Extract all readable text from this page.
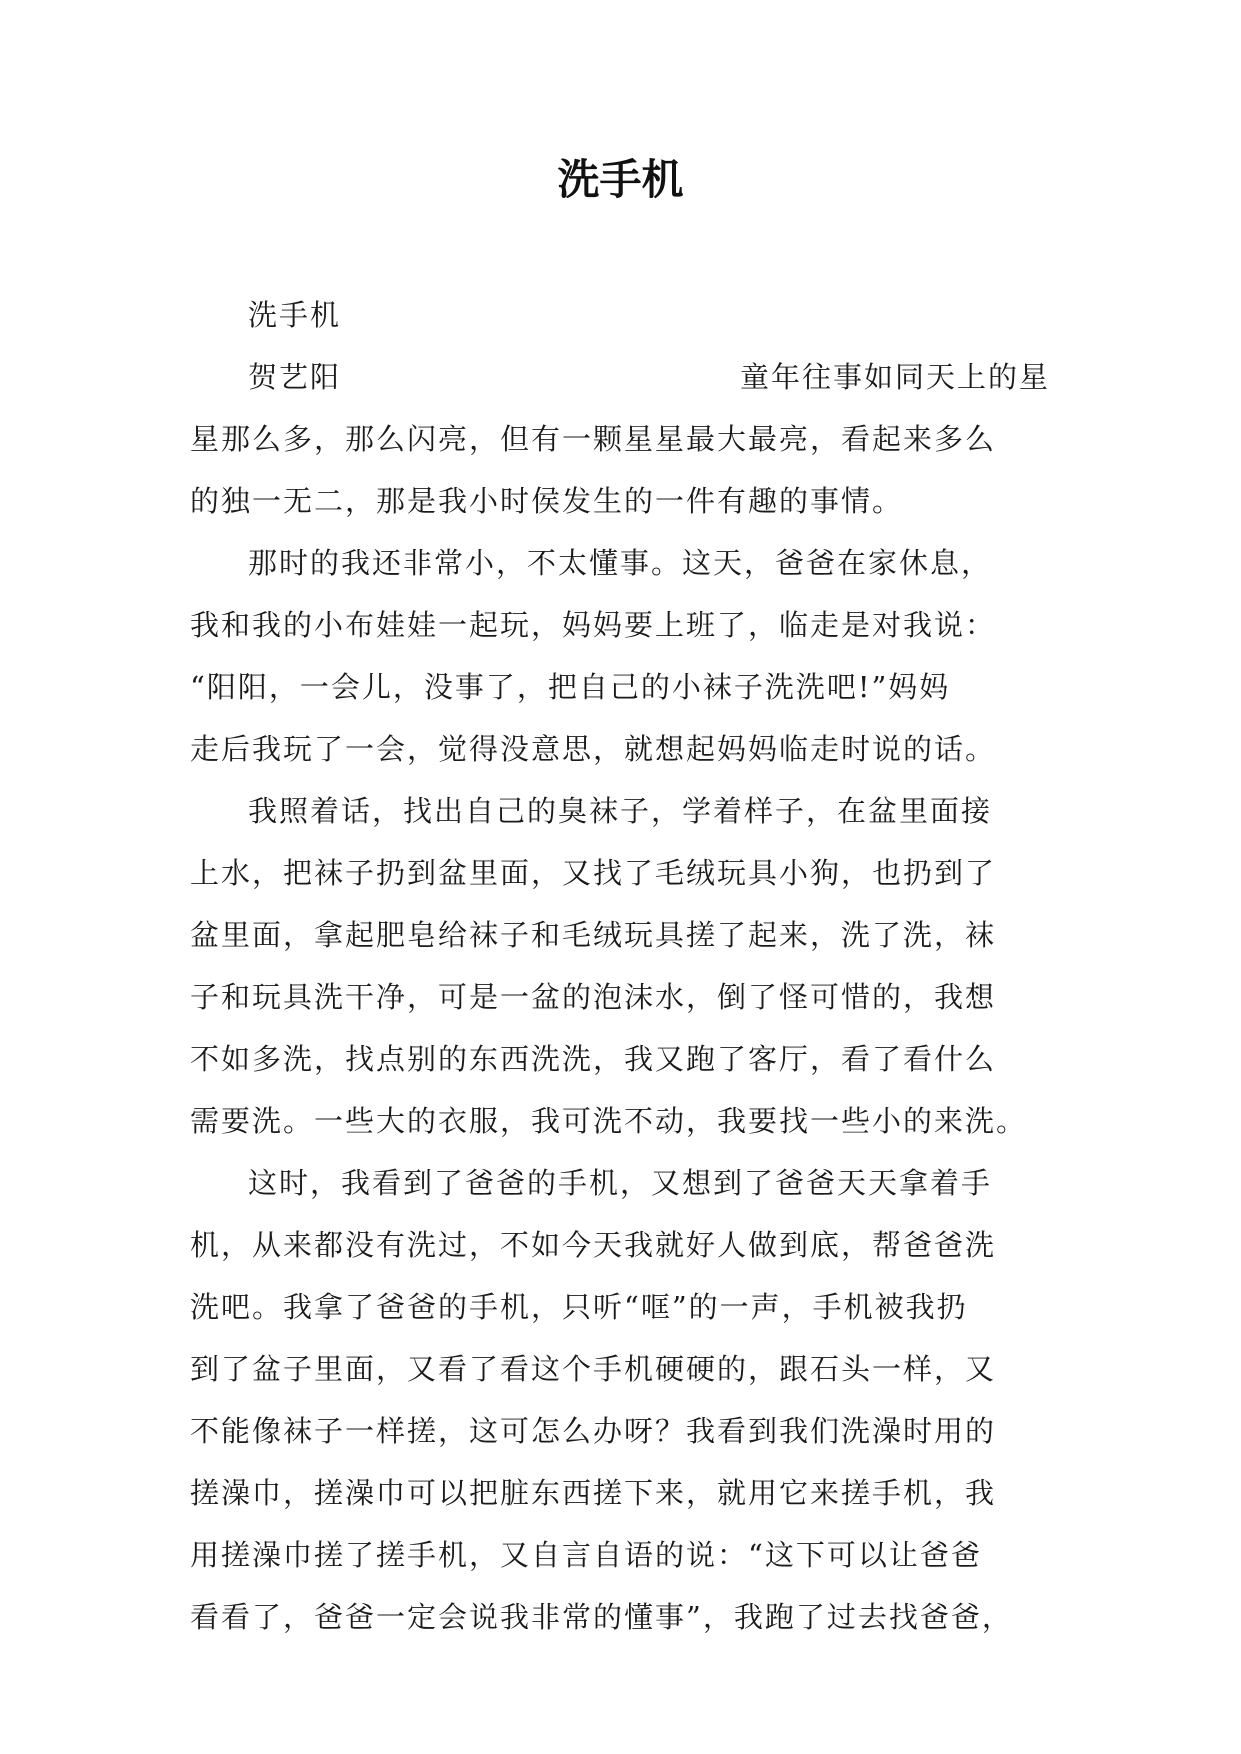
洗手机

洗手机

贺艺阳	童年往事如同天上的星
星那么多，那么闪亮，但有一颗星星最大最亮，看起来多么
的独一无二，那是我小时侯发生的一件有趣的事情。
那时的我还非常小，不太懂事。这天，爸爸在家休息，
我和我的小布娃娃一起玩，妈妈要上班了，临走是对我说：
“阳阳，一会儿，没事了，把自己的小袜子洗洗吧!”妈妈
走后我玩了一会，觉得没意思，就想起妈妈临走时说的话。
我照着话，找出自己的臭袜子，学着样子，在盆里面接
上水，把袜子扔到盆里面，又找了毛绒玩具小狗，也扔到了
盆里面，拿起肥皂给袜子和毛绒玩具搓了起来，洗了洗，袜
子和玩具洗干净，可是一盆的泡沫水，倒了怪可惜的，我想
不如多洗，找点别的东西洗洗，我又跑了客厅，看了看什么
需要洗。一些大的衣服，我可洗不动，我要找一些小的来洗。
这时，我看到了爸爸的手机，又想到了爸爸天天拿着手
机，从来都没有洗过，不如今天我就好人做到底，帮爸爸洗
洗吧。我拿了爸爸的手机，只听“哐”的一声，手机被我扔
到了盆子里面，又看了看这个手机硬硬的，跟石头一样，又
不能像袜子一样搓，这可怎么办呀？我看到我们洗澡时用的
搓澡巾，搓澡巾可以把脏东西搓下来，就用它来搓手机，我
用搓澡巾搓了搓手机，又自言自语的说：“这下可以让爸爸
看看了，爸爸一定会说我非常的懂事”，我跑了过去找爸爸，
